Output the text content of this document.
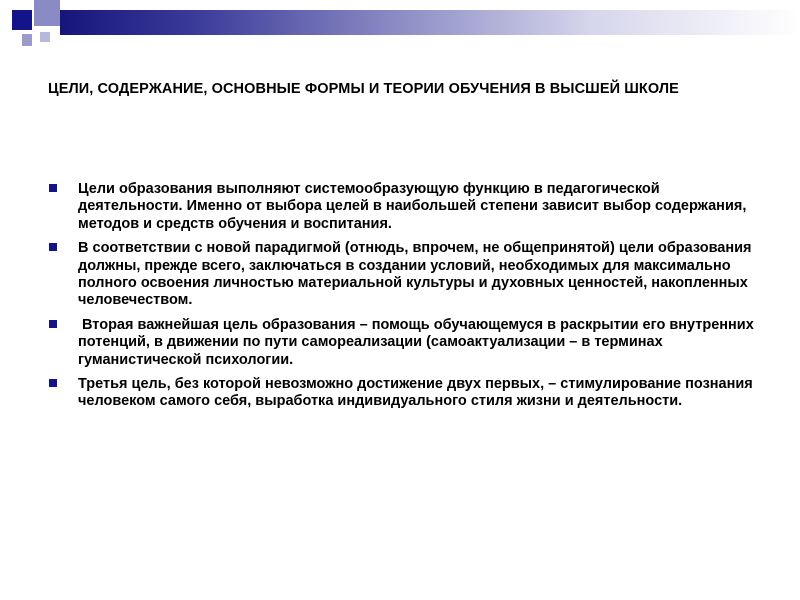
ЦЕЛИ, СОДЕРЖАНИЕ, ОСНОВНЫЕ ФОРМЫ И ТЕОРИИ ОБУЧЕНИЯ В ВЫСШЕЙ ШКОЛЕ
Цели образования выполняют системообразующую функцию в педагогической деятельности. Именно от выбора целей в наибольшей степени зависит выбор содержания, методов и средств обучения и воспитания.
В соответствии с новой парадигмой (отнюдь, впрочем, не общепринятой) цели образования должны, прежде всего, заключаться в создании условий, необходимых для максимально полного освоения личностью материальной культуры и духовных ценностей, накопленных человечеством.
Вторая важнейшая цель образования – помощь обучающемуся в раскрытии его внутренних потенций, в движении по пути самореализации (самоактуализации – в терминах гуманистической психологии.
Третья цель, без которой невозможно достижение двух первых, – стимулирование познания человеком самого себя, выработка индивидуального стиля жизни и деятельности.
